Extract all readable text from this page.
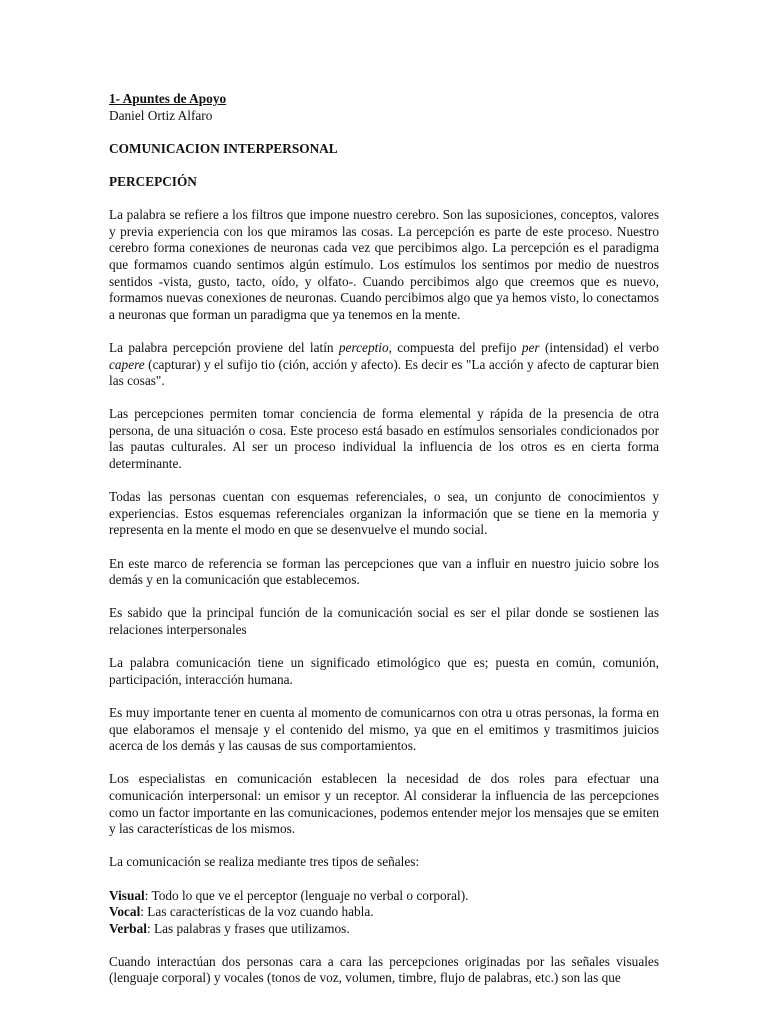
1- Apuntes de Apoyo
Daniel Ortiz Alfaro

COMUNICACION INTERPERSONAL

PERCEPCIÓN

La palabra se refiere a los filtros que impone nuestro cerebro. Son las suposiciones, conceptos, valores y previa experiencia con los que miramos las cosas. La percepción es parte de este proceso. Nuestro cerebro forma conexiones de neuronas cada vez que percibimos algo. La percepción es el paradigma que formamos cuando sentimos algún estímulo. Los estímulos los sentimos por medio de nuestros sentidos -vista, gusto, tacto, oído, y olfato-. Cuando percibimos algo que creemos que es nuevo, formamos nuevas conexiones de neuronas. Cuando percibimos algo que ya hemos visto, lo conectamos a neuronas que forman un paradigma que ya tenemos en la mente.

La palabra percepción proviene del latín perceptio, compuesta del prefijo per (intensidad) el verbo capere (capturar) y el sufijo tio (ción, acción y afecto). Es decir es "La acción y afecto de capturar bien las cosas".

Las percepciones permiten tomar conciencia de forma elemental y rápida de la presencia de otra persona, de una situación o cosa. Este proceso está basado en estímulos sensoriales condicionados por las pautas culturales. Al ser un proceso individual la influencia de los otros es en cierta forma determinante.

Todas las personas cuentan con esquemas referenciales, o sea, un conjunto de conocimientos y experiencias. Estos esquemas referenciales organizan la información que se tiene en la memoria y representa en la mente el modo en que se desenvuelve el mundo social.

En este marco de referencia se forman las percepciones que van a influir en nuestro juicio sobre los demás y en la comunicación que establecemos.

Es sabido que la principal función de la comunicación social es ser el pilar donde se sostienen las relaciones interpersonales

La palabra comunicación tiene un significado etimológico que es; puesta en común, comunión, participación, interacción humana.

Es muy importante tener en cuenta al momento de comunicarnos con otra u otras personas, la forma en que elaboramos el mensaje y el contenido del mismo, ya que en el emitimos y trasmitimos juicios acerca de los demás y las causas de sus comportamientos.

Los especialistas en comunicación establecen la necesidad de dos roles para efectuar una comunicación interpersonal: un emisor y un receptor. Al considerar la influencia de las percepciones como un factor importante en las comunicaciones, podemos entender mejor los mensajes que se emiten y las características de los mismos.

La comunicación se realiza mediante tres tipos de señales:

Visual: Todo lo que ve el perceptor (lenguaje no verbal o corporal).
Vocal: Las características de la voz cuando habla.
Verbal: Las palabras y frases que utilizamos.

Cuando interactúan dos personas cara a cara las percepciones originadas por las señales visuales (lenguaje corporal) y vocales (tonos de voz, volumen, timbre, flujo de palabras, etc.) son las que
